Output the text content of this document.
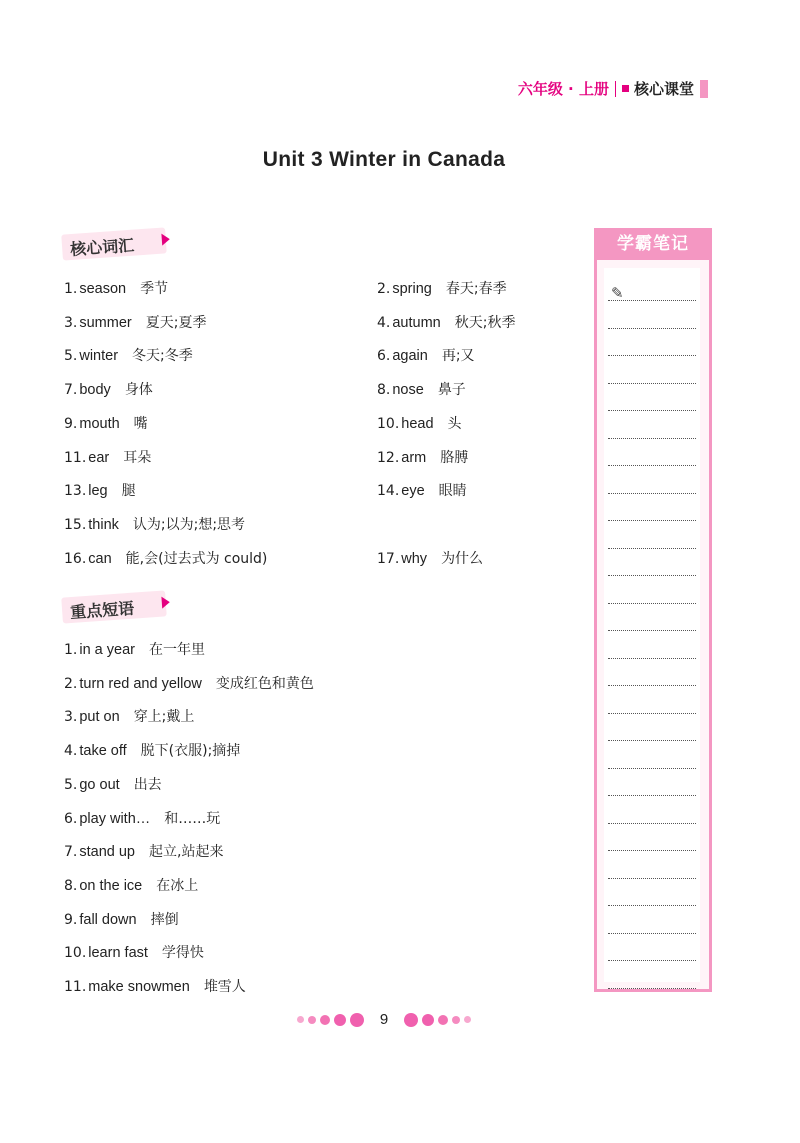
六年级 · 上册 核心课堂
Unit 3 Winter in Canada
核心词汇
1. season 季节	2. spring 春天;春季
3. summer 夏天;夏季	4. autumn 秋天;秋季
5. winter 冬天;冬季	6. again 再;又
7. body 身体	8. nose 鼻子
9. mouth 嘴	10. head 头
11. ear 耳朵	12. arm 胳膊
13. leg 腿	14. eye 眼睛
15. think 认为;以为;想;思考
16. can 能,会(过去式为 could)	17. why 为什么
重点短语
1. in a year 在一年里
2. turn red and yellow 变成红色和黄色
3. put on 穿上;戴上
4. take off 脱下(衣服);摘掉
5. go out 出去
6. play with… 和……玩
7. stand up 起立,站起来
8. on the ice 在冰上
9. fall down 摔倒
10. learn fast 学得快
11. make snowmen 堆雪人
学霸笔记
✎
9
